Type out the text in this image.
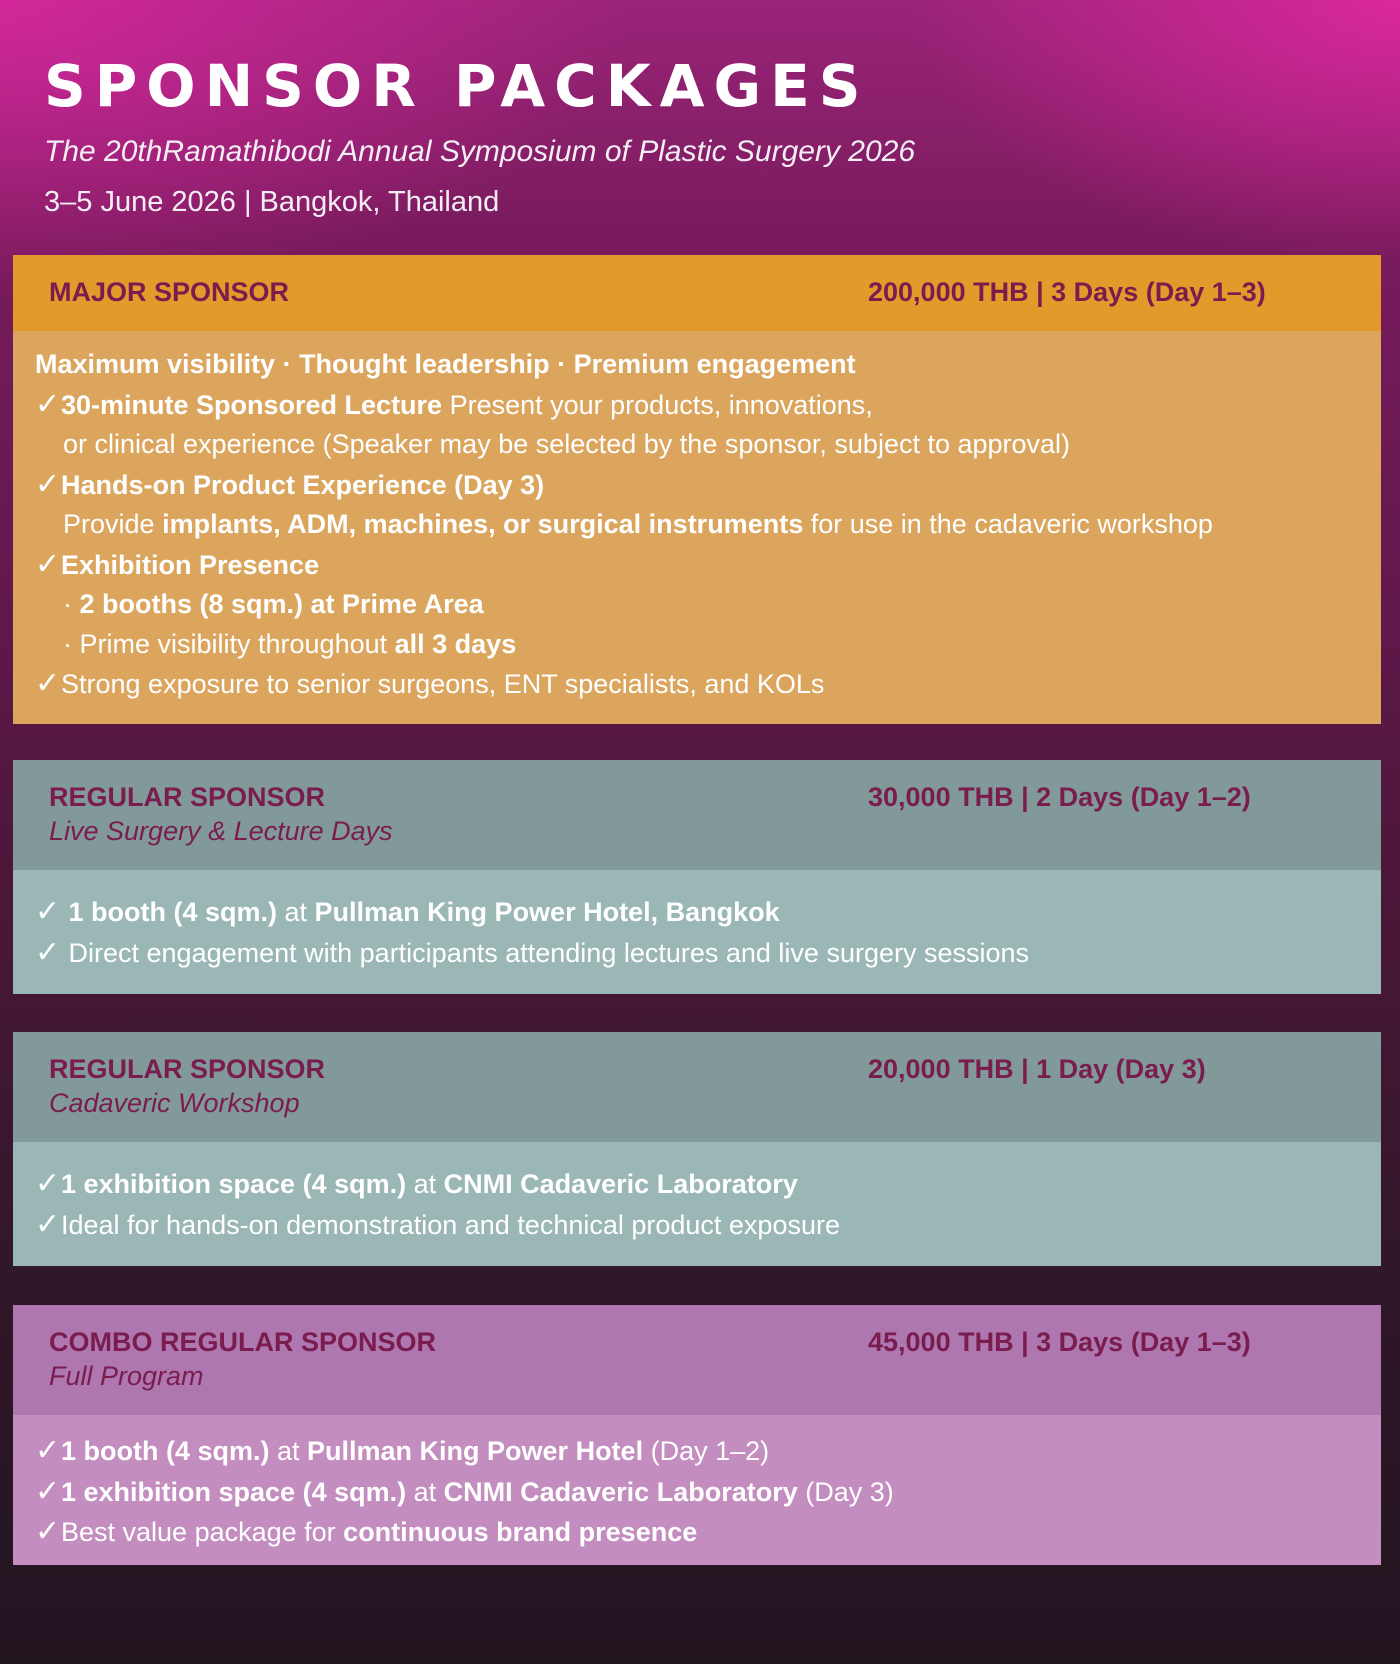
SPONSOR PACKAGES
The 20thRamathibodi Annual Symposium of Plastic Surgery 2026
3–5 June 2026 | Bangkok, Thailand
MAJOR SPONSOR	200,000 THB | 3 Days (Day 1–3)
Maximum visibility · Thought leadership · Premium engagement
✓30-minute Sponsored Lecture Present your products, innovations,
or clinical experience (Speaker may be selected by the sponsor, subject to approval)
✓Hands-on Product Experience (Day 3)
Provide implants, ADM, machines, or surgical instruments for use in the cadaveric workshop
✓Exhibition Presence
· 2 booths (8 sqm.) at Prime Area
· Prime visibility throughout all 3 days
✓Strong exposure to senior surgeons, ENT specialists, and KOLs
REGULAR SPONSOR
Live Surgery & Lecture Days
30,000 THB | 2 Days (Day 1–2)
✓ 1 booth (4 sqm.) at Pullman King Power Hotel, Bangkok
✓ Direct engagement with participants attending lectures and live surgery sessions
REGULAR SPONSOR
Cadaveric Workshop
20,000 THB | 1 Day (Day 3)
✓1 exhibition space (4 sqm.) at CNMI Cadaveric Laboratory
✓Ideal for hands-on demonstration and technical product exposure
COMBO REGULAR SPONSOR
Full Program
45,000 THB | 3 Days (Day 1–3)
✓1 booth (4 sqm.) at Pullman King Power Hotel (Day 1–2)
✓1 exhibition space (4 sqm.) at CNMI Cadaveric Laboratory (Day 3)
✓Best value package for continuous brand presence
